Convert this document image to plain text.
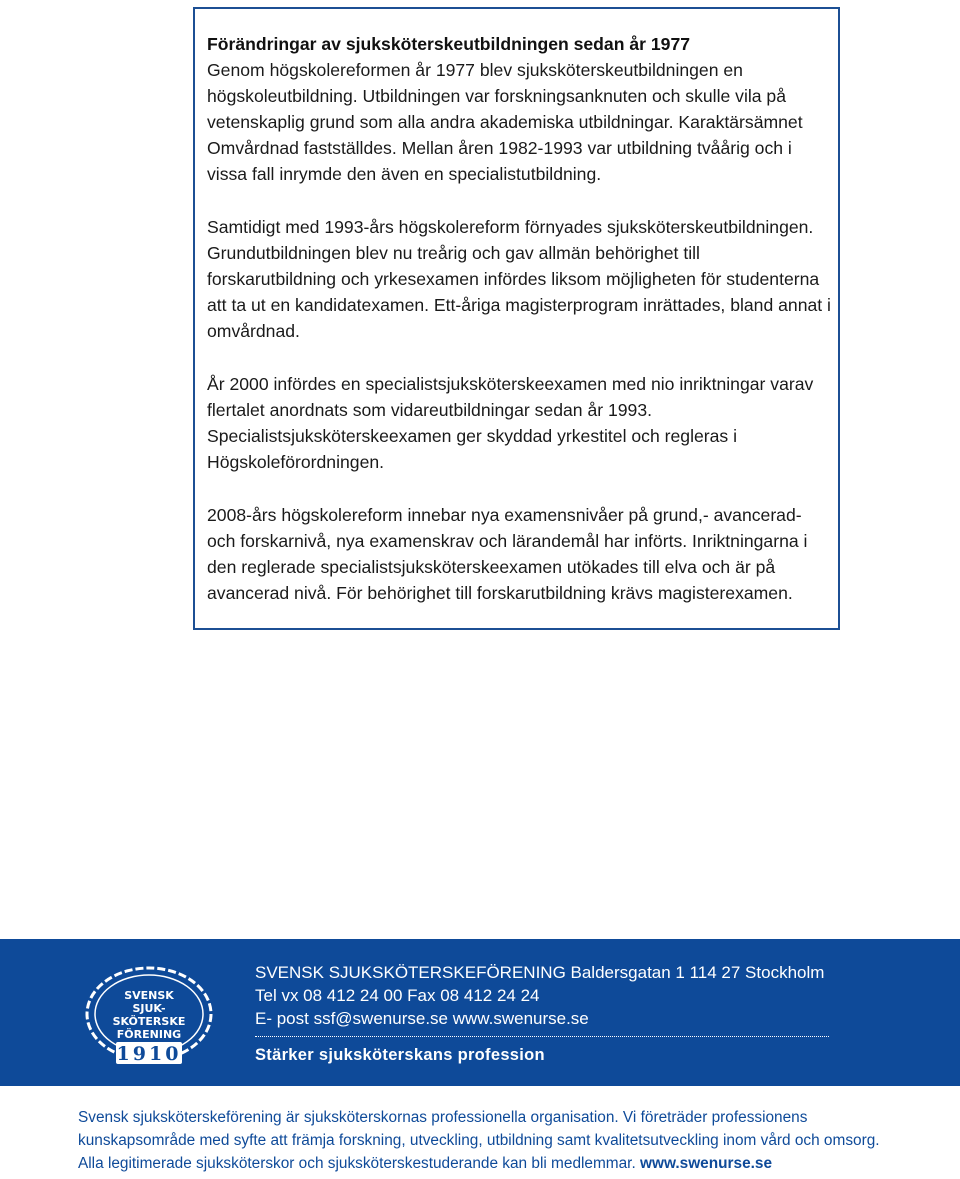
Förändringar av sjuksköterskeutbildningen sedan år 1977

Genom högskolereformen år 1977 blev sjuksköterskeutbildningen en högskoleutbildning. Utbildningen var forskningsanknuten och skulle vila på vetenskaplig grund som alla andra akademiska utbildningar. Karaktärsämnet Omvårdnad fastställdes. Mellan åren 1982-1993 var utbildning tvåårig och i vissa fall inrymde den även en specialistutbildning.

Samtidigt med 1993-års högskolereform förnyades sjuksköterskeutbildningen. Grundutbildningen blev nu treårig och gav allmän behörighet till forskarutbildning och yrkesexamen infördes liksom möjligheten för studenterna att ta ut en kandidatexamen. Ett-åriga magisterprogram inrättades, bland annat i omvårdnad.

År 2000 infördes en specialistsjuksköterskeexamen med nio inriktningar varav flertalet anordnats som vidareutbildningar sedan år 1993. Specialistsjuksköterskeexamen ger skyddad yrkestitel och regleras i Högskoleförordningen.

2008-års högskolereform innebar nya examensnivåer på grund,- avancerad- och forskarnivå, nya examenskrav och lärandemål har införts. Inriktningarna i den reglerade specialistsjuksköterskeexamen utökades till elva och är på avancerad nivå. För behörighet till forskarutbildning krävs magisterexamen.

1910
SVENSK
SJUK-
SKÖTERSKE
FÖRENING
SVENSK SJUKSKÖTERSKEFÖRENING Baldersgatan 1 114 27 Stockholm
Tel vx 08 412 24 00 Fax 08 412 24 24
E- post ssf@swenurse.se www.swenurse.se
Stärker sjuksköterskans profession
Svensk sjuksköterskeförening är sjuksköterskornas professionella organisation. Vi företräder professionens kunskapsområde med syfte att främja forskning, utveckling, utbildning samt kvalitetsutveckling inom vård och omsorg. Alla legitimerade sjuksköterskor och sjuksköterskestuderande kan bli medlemmar. www.swenurse.se
